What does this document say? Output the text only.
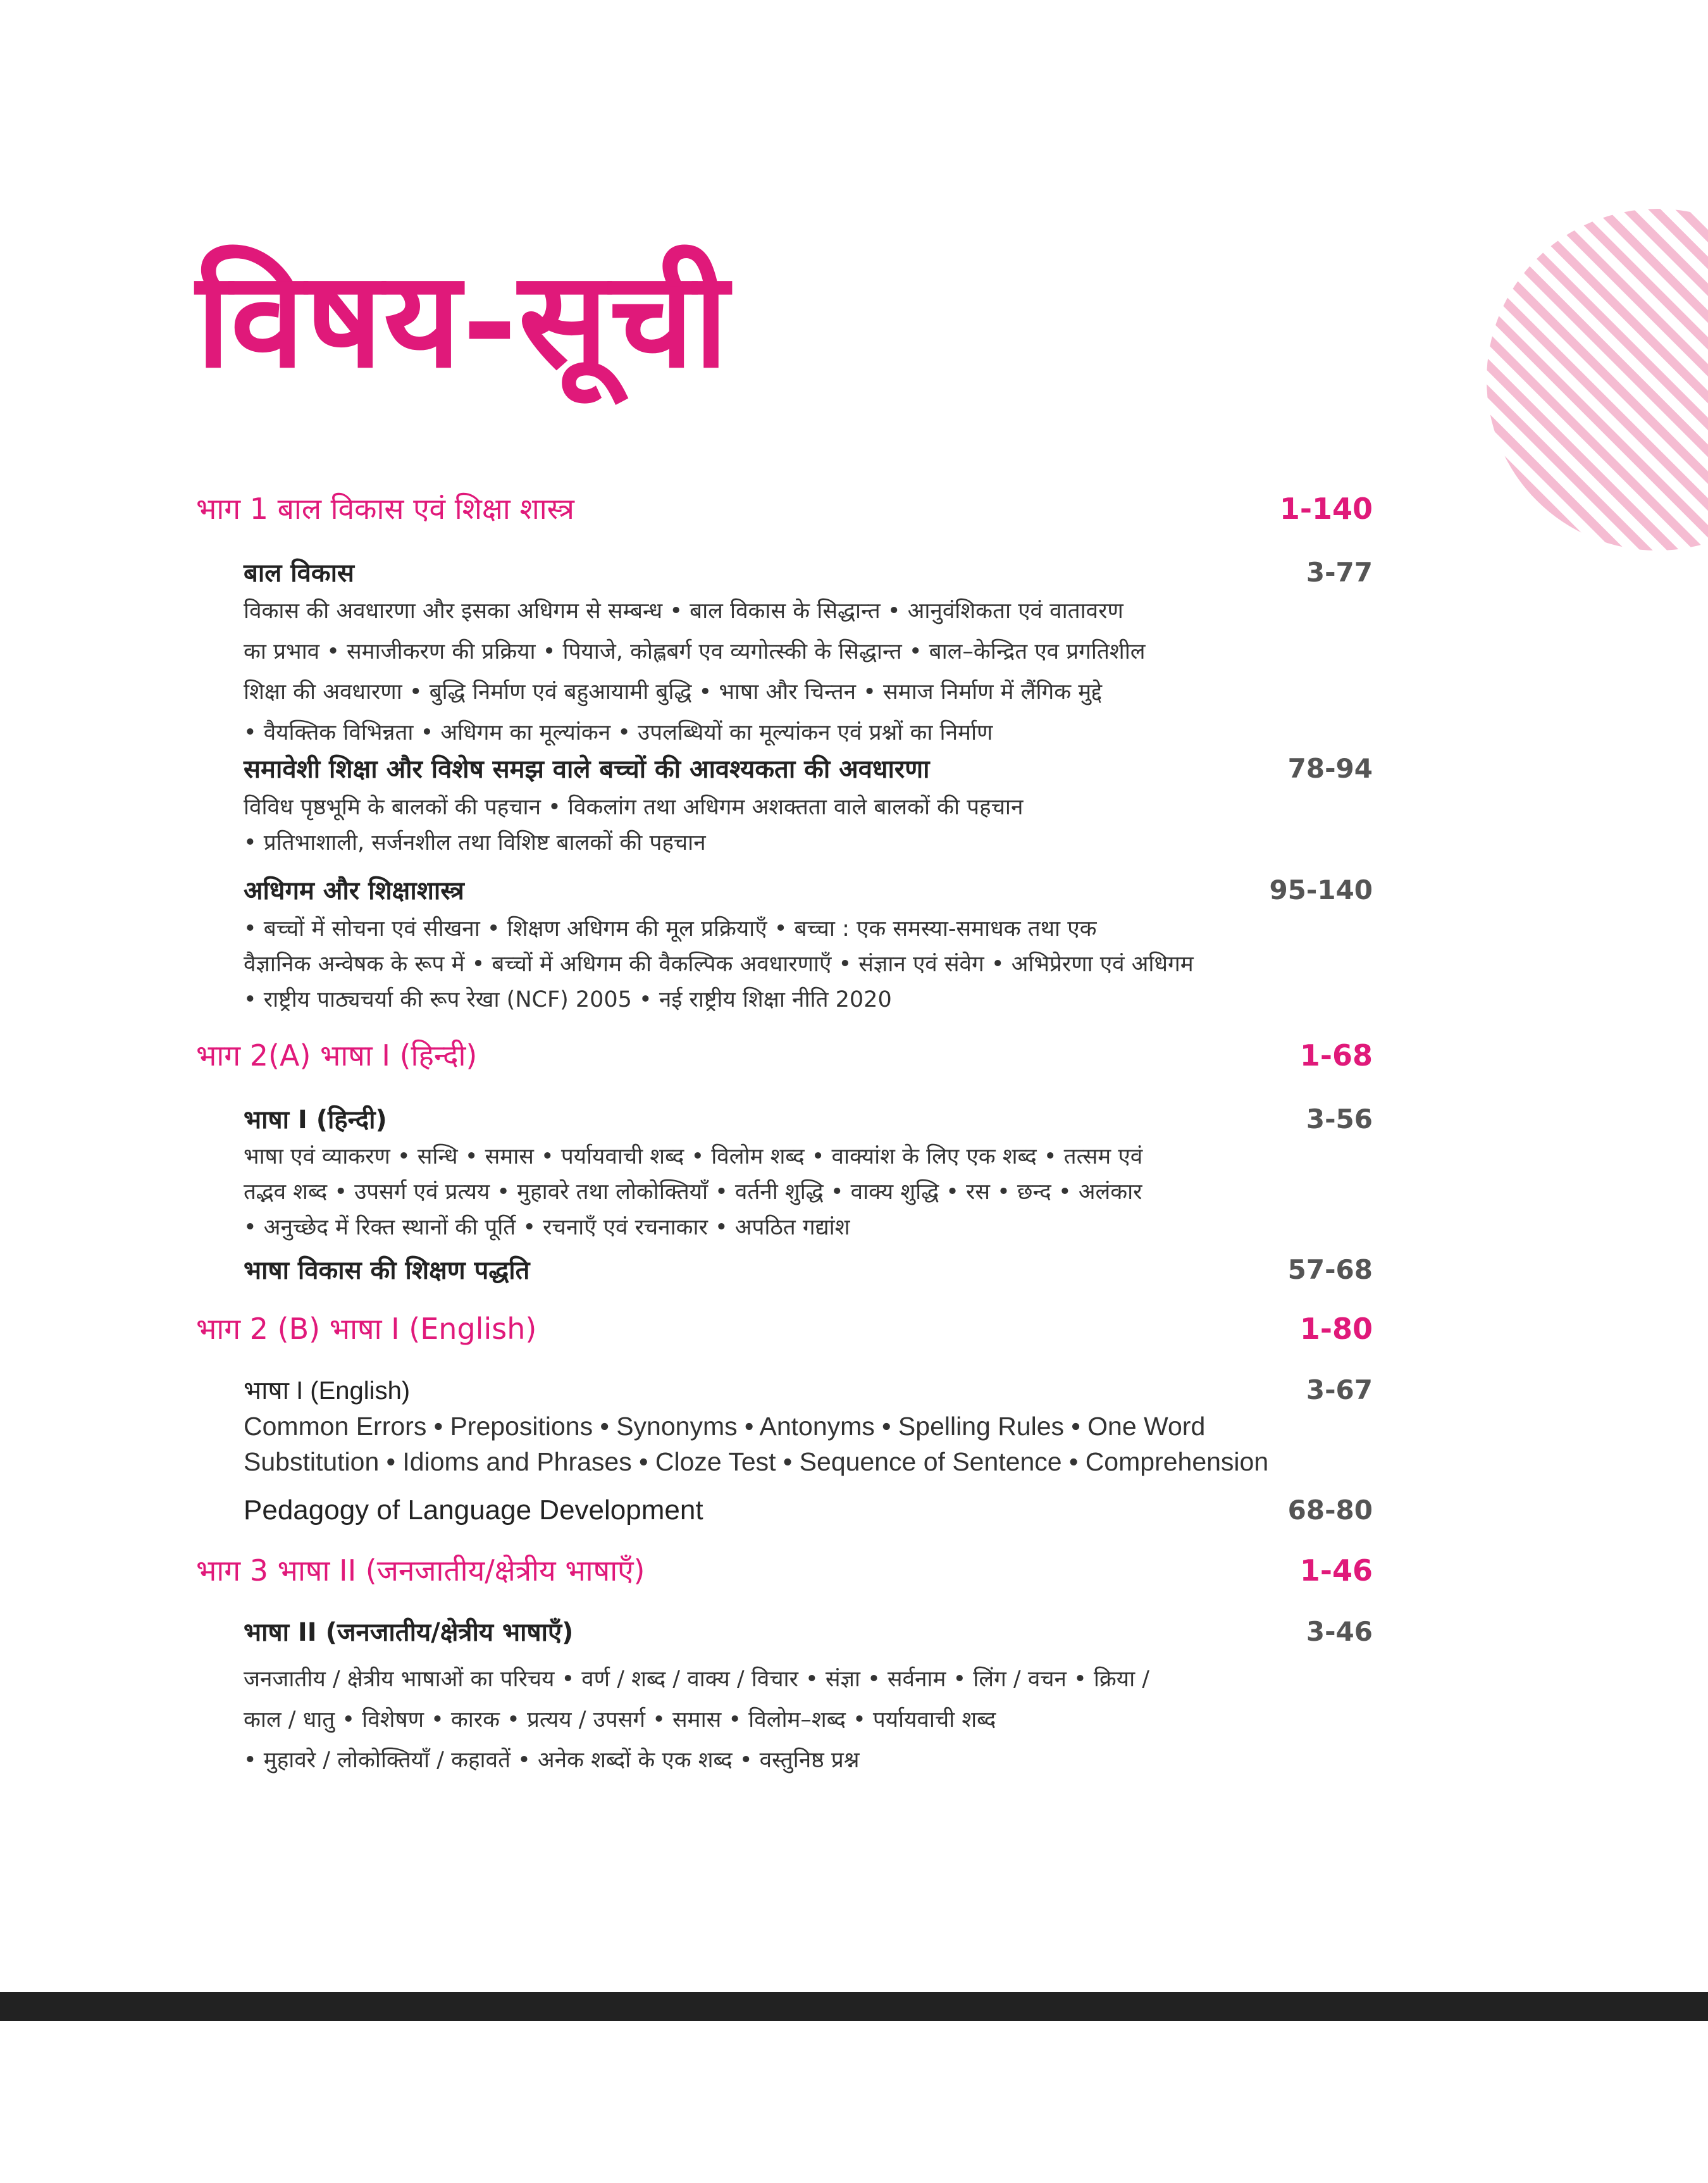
विषय-सूची
भाग 1 बाल विकास एवं शिक्षा शास्त्र	1-140
बाल विकास	3-77
विकास की अवधारणा और इसका अधिगम से सम्बन्ध • बाल विकास के सिद्धान्त • आनुवंशिकता एवं वातावरण
का प्रभाव • समाजीकरण की प्रक्रिया • पियाजे, कोह्लबर्ग एव व्यगोत्स्की के सिद्धान्त • बाल–केन्द्रित एव प्रगतिशील
शिक्षा की अवधारणा • बुद्धि निर्माण एवं बहुआयामी बुद्धि • भाषा और चिन्तन • समाज निर्माण में लैंगिक मुद्दे
• वैयक्तिक विभिन्नता • अधिगम का मूल्यांकन • उपलब्धियों का मूल्यांकन एवं प्रश्नों का निर्माण
समावेशी शिक्षा और विशेष समझ वाले बच्चों की आवश्यकता की अवधारणा	78-94
विविध पृष्ठभूमि के बालकों की पहचान • विकलांग तथा अधिगम अशक्तता वाले बालकों की पहचान
• प्रतिभाशाली, सर्जनशील तथा विशिष्ट बालकों की पहचान
अधिगम और शिक्षाशास्त्र	95-140
• बच्चों में सोचना एवं सीखना • शिक्षण अधिगम की मूल प्रक्रियाएँ • बच्चा : एक समस्या-समाधक तथा एक
वैज्ञानिक अन्वेषक के रूप में • बच्चों में अधिगम की वैकल्पिक अवधारणाएँ • संज्ञान एवं संवेग • अभिप्रेरणा एवं अधिगम
• राष्ट्रीय पाठ्यचर्या की रूप रेखा (NCF) 2005 • नई राष्ट्रीय शिक्षा नीति 2020
भाग 2(A) भाषा I (हिन्दी)	1-68
भाषा I (हिन्दी)	3-56
भाषा एवं व्याकरण • सन्धि • समास • पर्यायवाची शब्द • विलोम शब्द • वाक्यांश के लिए एक शब्द • तत्सम एवं
तद्भव शब्द • उपसर्ग एवं प्रत्यय • मुहावरे तथा लोकोक्तियाँ • वर्तनी शुद्धि • वाक्य शुद्धि • रस • छन्द • अलंकार
• अनुच्छेद में रिक्त स्थानों की पूर्ति • रचनाएँ एवं रचनाकार • अपठित गद्यांश
भाषा विकास की शिक्षण पद्धति	57-68
भाग 2 (B) भाषा I (English)	1-80
भाषा I (English)	3-67
Common Errors • Prepositions • Synonyms • Antonyms • Spelling Rules • One Word
Substitution • Idioms and Phrases • Cloze Test • Sequence of Sentence • Comprehension
Pedagogy of Language Development	68-80
भाग 3 भाषा II (जनजातीय/क्षेत्रीय भाषाएँ)	1-46
भाषा II (जनजातीय/क्षेत्रीय भाषाएँ)	3-46
जनजातीय / क्षेत्रीय भाषाओं का परिचय • वर्ण / शब्द / वाक्य / विचार • संज्ञा • सर्वनाम • लिंग / वचन • क्रिया /
काल / धातु • विशेषण • कारक • प्रत्यय / उपसर्ग • समास • विलोम–शब्द • पर्यायवाची शब्द
• मुहावरे / लोकोक्तियाँ / कहावतें • अनेक शब्दों के एक शब्द • वस्तुनिष्ठ प्रश्न
